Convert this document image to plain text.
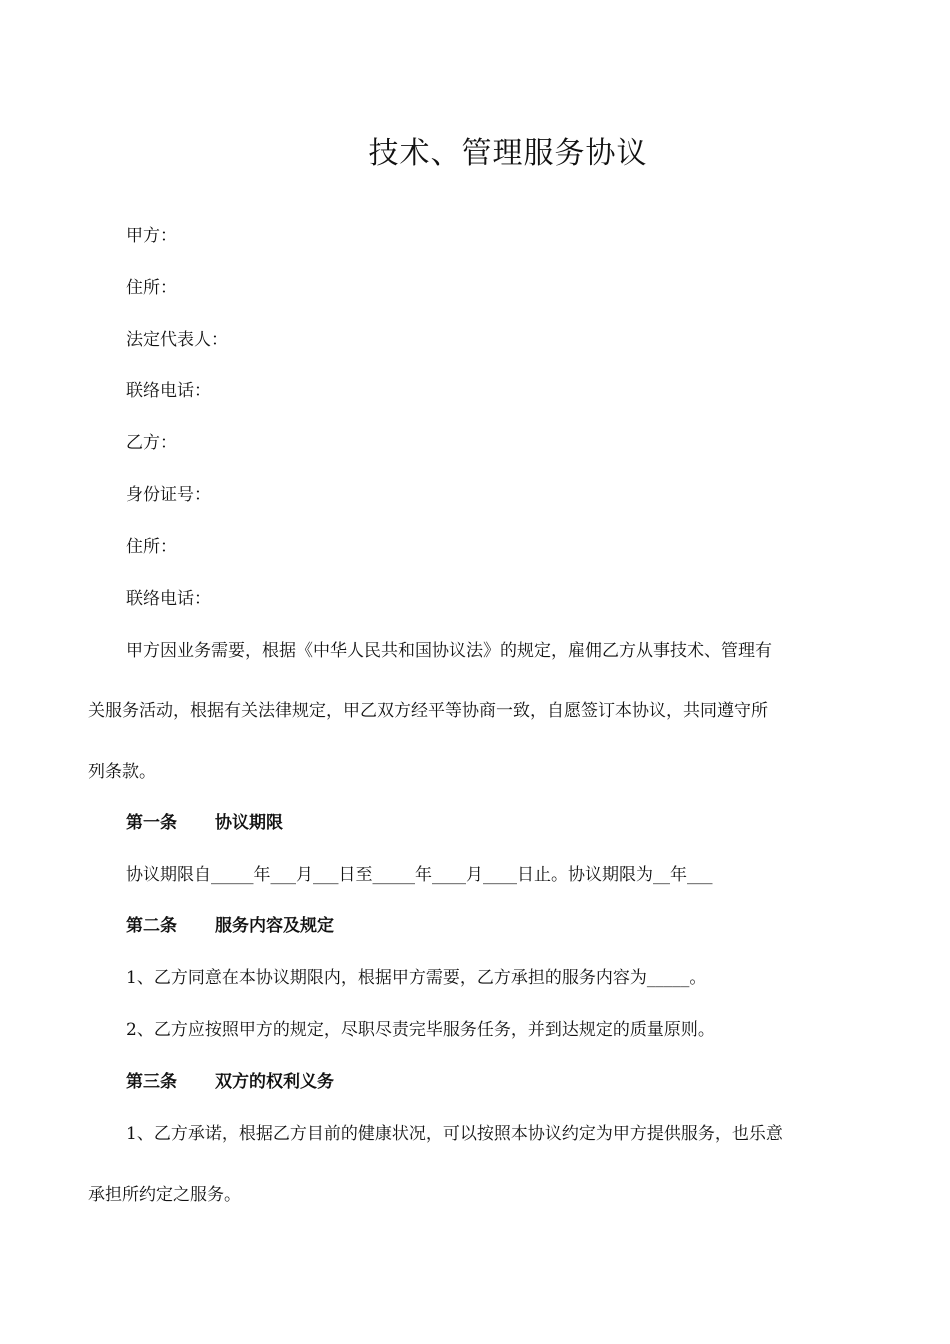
技术、管理服务协议

甲方：

住所：

法定代表人：

联络电话：

乙方：

身份证号：

住所：

联络电话：

甲方因业务需要，根据《中华人民共和国协议法》的规定，雇佣乙方从事技术、管理有

关服务活动，根据有关法律规定，甲乙双方经平等协商一致，自愿签订本协议，共同遵守所

列条款。

第一条 协议期限

协议期限自_____年___月___日至_____年____月____日止。协议期限为__年___

第二条 服务内容及规定

1、乙方同意在本协议期限内，根据甲方需要，乙方承担的服务内容为_____。

2、乙方应按照甲方的规定，尽职尽责完毕服务任务，并到达规定的质量原则。

第三条 双方的权利义务

1、乙方承诺，根据乙方目前的健康状况，可以按照本协议约定为甲方提供服务，也乐意

承担所约定之服务。
